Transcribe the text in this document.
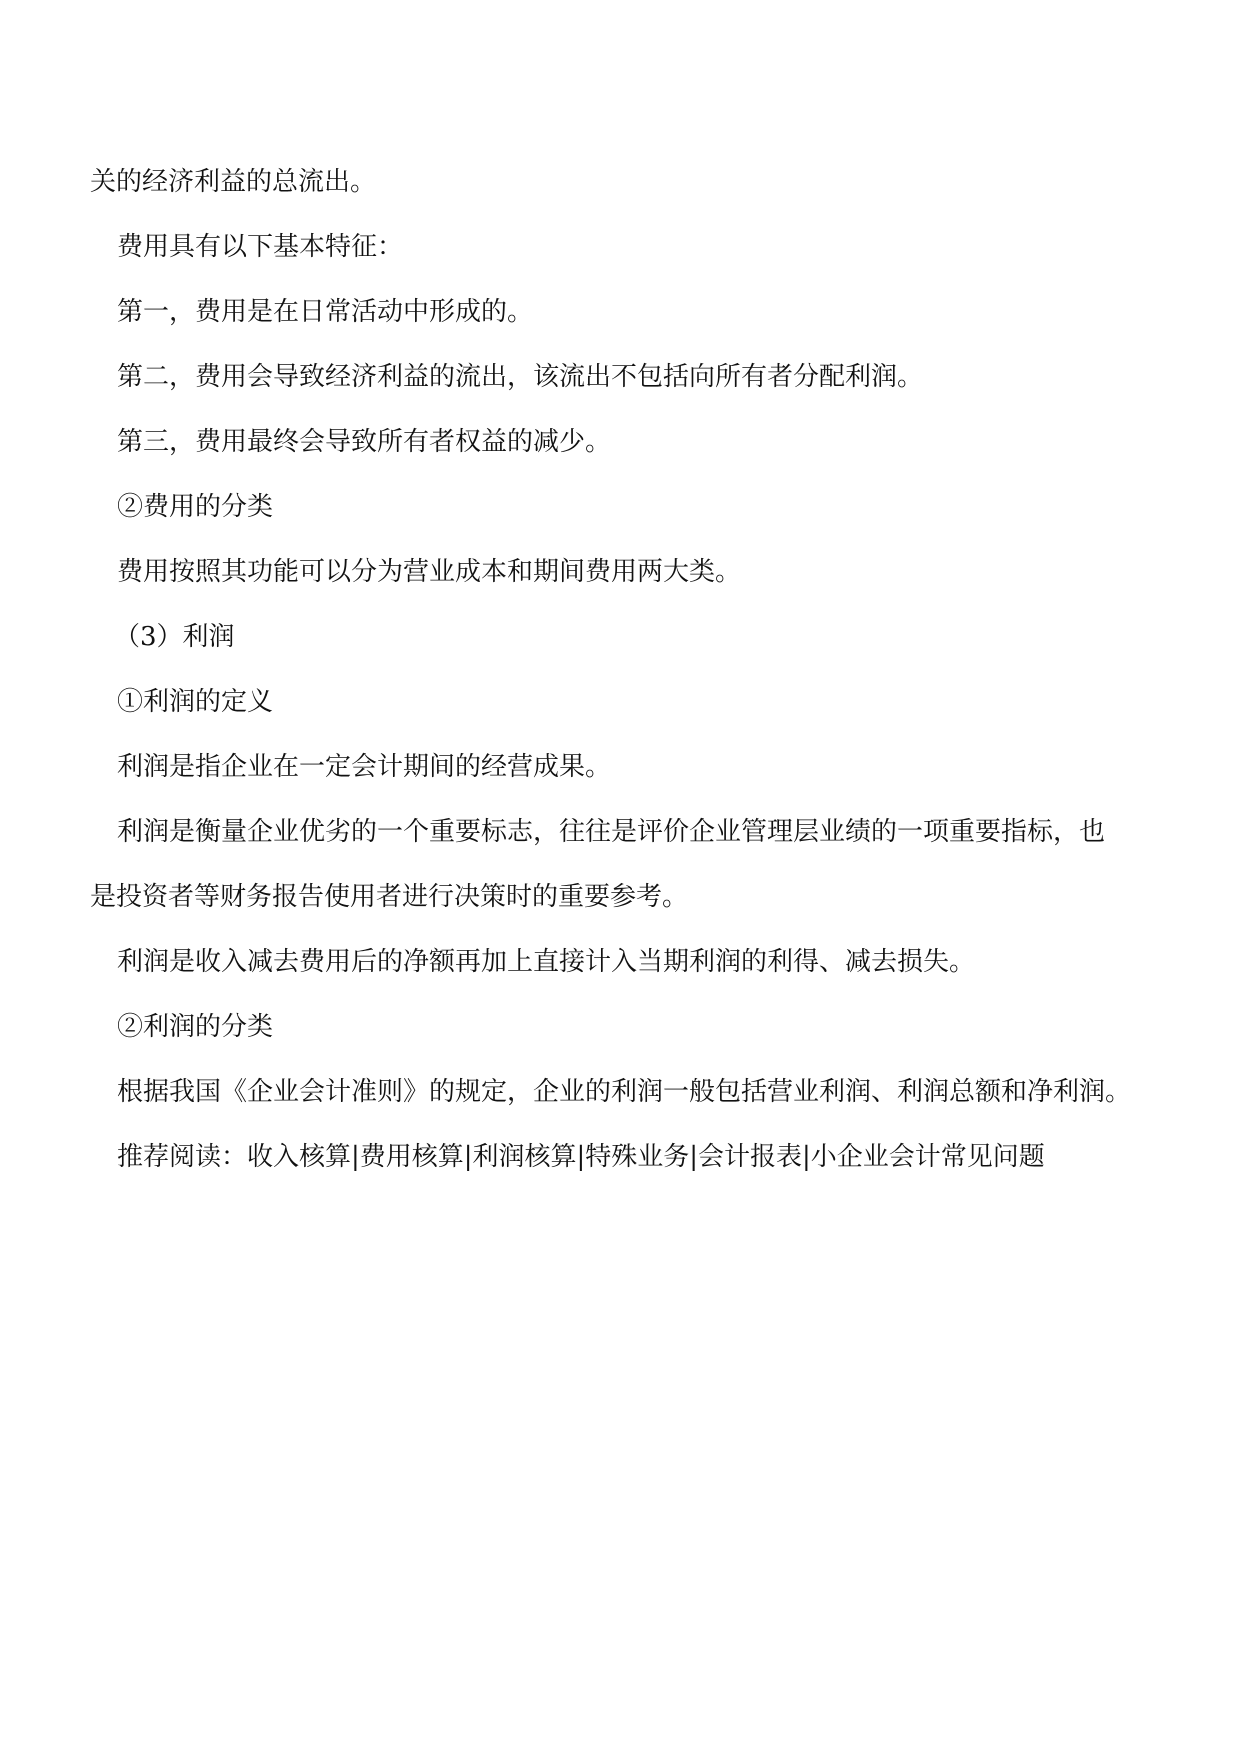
关的经济利益的总流出。
费用具有以下基本特征：
第一，费用是在日常活动中形成的。
第二，费用会导致经济利益的流出，该流出不包括向所有者分配利润。
第三，费用最终会导致所有者权益的减少。
②费用的分类
费用按照其功能可以分为营业成本和期间费用两大类。
（3）利润
①利润的定义
利润是指企业在一定会计期间的经营成果。
利润是衡量企业优劣的一个重要标志，往往是评价企业管理层业绩的一项重要指标，也
是投资者等财务报告使用者进行决策时的重要参考。
利润是收入减去费用后的净额再加上直接计入当期利润的利得、减去损失。
②利润的分类
根据我国《企业会计准则》的规定，企业的利润一般包括营业利润、利润总额和净利润。
推荐阅读：收入核算|费用核算|利润核算|特殊业务|会计报表|小企业会计常见问题
